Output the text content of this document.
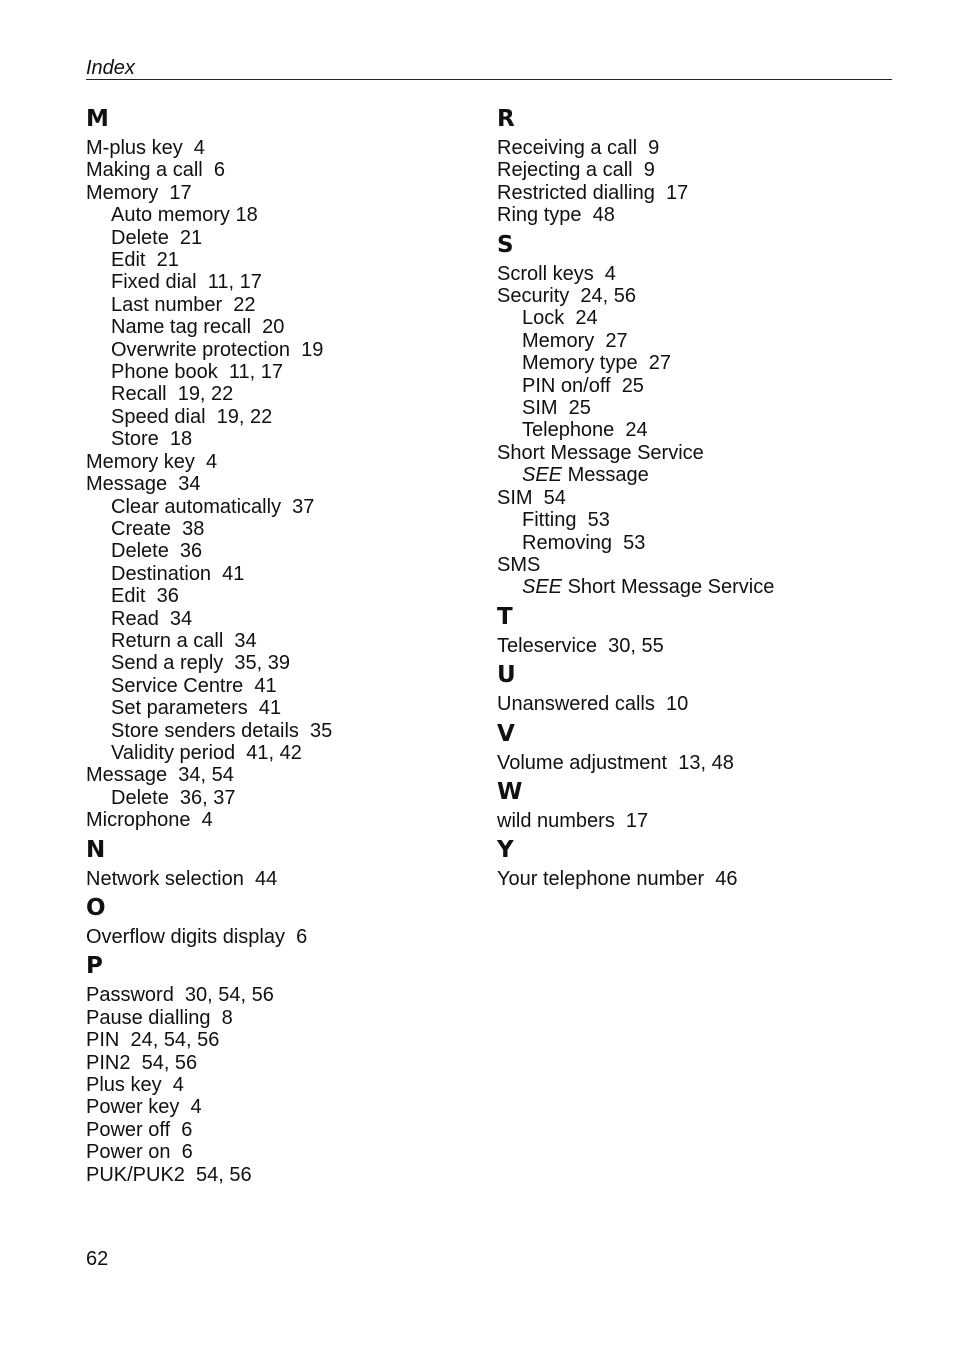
Index
M
M-plus key  4
Making a call  6
Memory  17
Auto memory 18
Delete  21
Edit  21
Fixed dial  11, 17
Last number  22
Name tag recall  20
Overwrite protection  19
Phone book  11, 17
Recall  19, 22
Speed dial  19, 22
Store  18
Memory key  4
Message  34
Clear automatically  37
Create  38
Delete  36
Destination  41
Edit  36
Read  34
Return a call  34
Send a reply  35, 39
Service Centre  41
Set parameters  41
Store senders details  35
Validity period  41, 42
Message  34, 54
Delete  36, 37
Microphone  4
N
Network selection  44
O
Overflow digits display  6
P
Password  30, 54, 56
Pause dialling  8
PIN  24, 54, 56
PIN2  54, 56
Plus key  4
Power key  4
Power off  6
Power on  6
PUK/PUK2  54, 56
R
Receiving a call  9
Rejecting a call  9
Restricted dialling  17
Ring type  48
S
Scroll keys  4
Security  24, 56
Lock  24
Memory  27
Memory type  27
PIN on/off  25
SIM  25
Telephone  24
Short Message Service
SEE Message
SIM  54
Fitting  53
Removing  53
SMS
SEE Short Message Service
T
Teleservice  30, 55
U
Unanswered calls  10
V
Volume adjustment  13, 48
W
wild numbers  17
Y
Your telephone number  46
62
